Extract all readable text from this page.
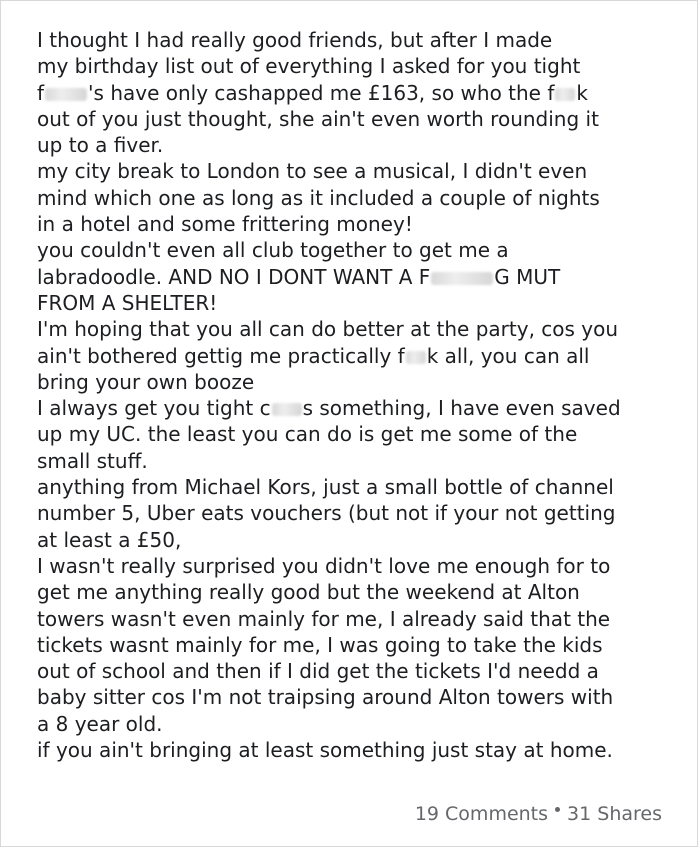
I thought I had really good friends, but after I made
my birthday list out of everything I asked for you tight
f 's have only cashapped me £163, so who the f k
out of you just thought, she ain't even worth rounding it
up to a fiver.
my city break to London to see a musical, I didn't even
mind which one as long as it included a couple of nights
in a hotel and some frittering money!
you couldn't even all club together to get me a
labradoodle. AND NO I DONT WANT A F	G MUT
FROM A SHELTER!
I'm hoping that you all can do better at the party, cos you
ain't bothered gettig me practically f k all, you can all
bring your own booze
I always get you tight c s something, I have even saved
up my UC. the least you can do is get me some of the
small stuff.
anything from Michael Kors, just a small bottle of channel
number 5, Uber eats vouchers (but not if your not getting
at least a £50,
I wasn't really surprised you didn't love me enough for to
get me anything really good but the weekend at Alton
towers wasn't even mainly for me, I already said that the
tickets wasnt mainly for me, I was going to take the kids
out of school and then if I did get the tickets I'd needd a
baby sitter cos I'm not traipsing around Alton towers with
a 8 year old.
if you ain't bringing at least something just stay at home.
19 Comments 31 Shares
